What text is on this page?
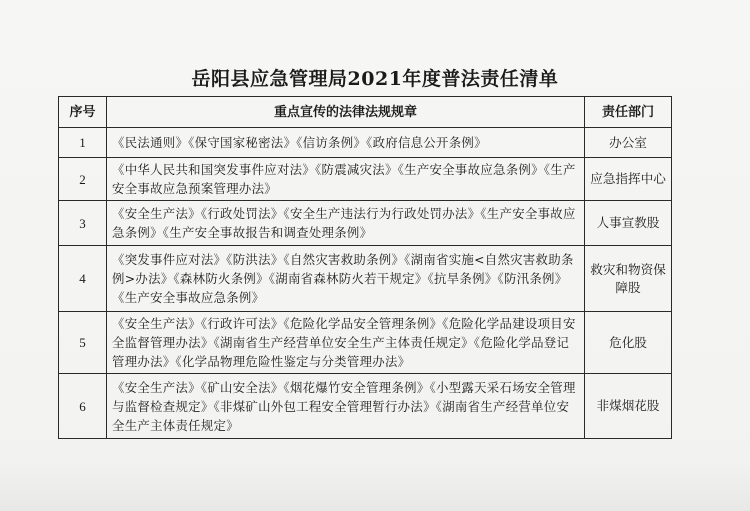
岳阳县应急管理局2021年度普法责任清单
序号	重点宣传的法律法规规章	责任部门
1	《民法通则》《保守国家秘密法》《信访条例》《政府信息公开条例》	办公室
2	《中华人民共和国突发事件应对法》《防震减灾法》《生产安全事故应急条例》《生产安全事故应急预案管理办法》	应急指挥中心
3	《安全生产法》《行政处罚法》《安全生产违法行为行政处罚办法》《生产安全事故应急条例》《生产安全事故报告和调查处理条例》	人事宣教股
4	《突发事件应对法》《防洪法》《自然灾害救助条例》《湖南省实施<自然灾害救助条例>办法》《森林防火条例》《湖南省森林防火若干规定》《抗旱条例》《防汛条例》《生产安全事故应急条例》	救灾和物资保障股
5	《安全生产法》《行政许可法》《危险化学品安全管理条例》《危险化学品建设项目安全监督管理办法》《湖南省生产经营单位安全生产主体责任规定》《危险化学品登记管理办法》《化学品物理危险性鉴定与分类管理办法》	危化股
6	《安全生产法》《矿山安全法》《烟花爆竹安全管理条例》《小型露天采石场安全管理与监督检查规定》《非煤矿山外包工程安全管理暂行办法》《湖南省生产经营单位安全生产主体责任规定》	非煤烟花股
